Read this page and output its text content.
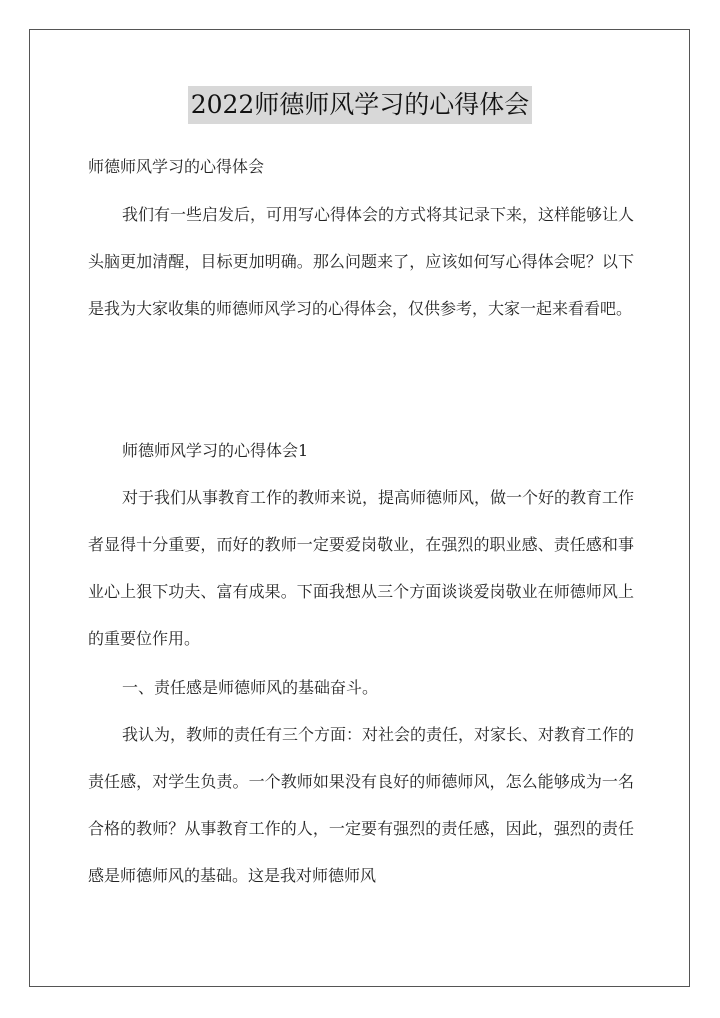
2022师德师风学习的心得体会

师德师风学习的心得体会

我们有一些启发后，可用写心得体会的方式将其记录下来，这样能够让人头脑更加清醒，目标更加明确。那么问题来了，应该如何写心得体会呢？以下是我为大家收集的师德师风学习的心得体会，仅供参考，大家一起来看看吧。

师德师风学习的心得体会1

对于我们从事教育工作的教师来说，提高师德师风，做一个好的教育工作者显得十分重要，而好的教师一定要爱岗敬业，在强烈的职业感、责任感和事业心上狠下功夫、富有成果。下面我想从三个方面谈谈爱岗敬业在师德师风上的重要位作用。

一、责任感是师德师风的基础奋斗。

我认为，教师的责任有三个方面：对社会的责任，对家长、对教育工作的责任感，对学生负责。一个教师如果没有良好的师德师风，怎么能够成为一名合格的教师？从事教育工作的人，一定要有强烈的责任感，因此，强烈的责任感是师德师风的基础。这是我对师德师风
